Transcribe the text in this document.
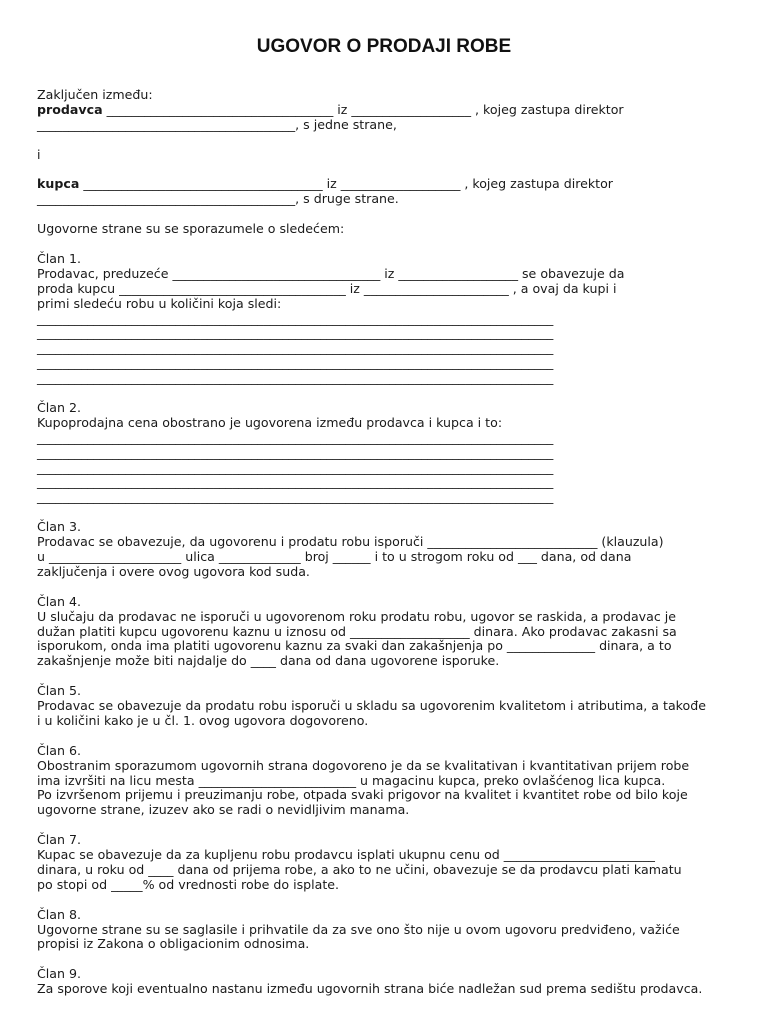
UGOVOR O PRODAJI ROBE
Zaključen između:
prodavca ____________________________________ iz ___________________ , kojeg zastupa direktor
_________________________________________, s jedne strane,
i
kupca ______________________________________ iz ___________________ , kojeg zastupa direktor
_________________________________________, s druge strane.
Ugovorne strane su se sporazumele o sledećem:
Član 1.
Prodavac, preduzeće _________________________________ iz ___________________ se obavezuje da
proda kupcu ____________________________________ iz _______________________ , a ovaj da kupi i
primi sledeću robu u količini koja sledi:
__________________________________________________________________________________
__________________________________________________________________________________
__________________________________________________________________________________
__________________________________________________________________________________
__________________________________________________________________________________
Član 2.
Kupoprodajna cena obostrano je ugovorena između prodavca i kupca i to:
__________________________________________________________________________________
__________________________________________________________________________________
__________________________________________________________________________________
__________________________________________________________________________________
__________________________________________________________________________________
Član 3.
Prodavac se obavezuje, da ugovorenu i prodatu robu isporuči ___________________________ (klauzula)
u _____________________ ulica _____________ broj ______ i to u strogom roku od ___ dana, od dana
zaključenja i overe ovog ugovora kod suda.
Član 4.
U slučaju da prodavac ne isporuči u ugovorenom roku prodatu robu, ugovor se raskida, a prodavac je
dužan platiti kupcu ugovorenu kaznu u iznosu od ___________________ dinara. Ako prodavac zakasni sa
isporukom, onda ima platiti ugovorenu kaznu za svaki dan zakašnjenja po ______________ dinara, a to
zakašnjenje može biti najdalje do ____ dana od dana ugovorene isporuke.
Član 5.
Prodavac se obavezuje da prodatu robu isporuči u skladu sa ugovorenim kvalitetom i atributima, a takođe
i u količini kako je u čl. 1. ovog ugovora dogovoreno.
Član 6.
Obostranim sporazumom ugovornih strana dogovoreno je da se kvalitativan i kvantitativan prijem robe
ima izvršiti na licu mesta _________________________ u magacinu kupca, preko ovlašćenog lica kupca.
Po izvršenom prijemu i preuzimanju robe, otpada svaki prigovor na kvalitet i kvantitet robe od bilo koje
ugovorne strane, izuzev ako se radi o nevidljivim manama.
Član 7.
Kupac se obavezuje da za kupljenu robu prodavcu isplati ukupnu cenu od ________________________
dinara, u roku od ____ dana od prijema robe, a ako to ne učini, obavezuje se da prodavcu plati kamatu
po stopi od _____% od vrednosti robe do isplate.
Član 8.
Ugovorne strane su se saglasile i prihvatile da za sve ono što nije u ovom ugovoru predviđeno, važiće
propisi iz Zakona o obligacionim odnosima.
Član 9.
Za sporove koji eventualno nastanu između ugovornih strana biće nadležan sud prema sedištu prodavca.
